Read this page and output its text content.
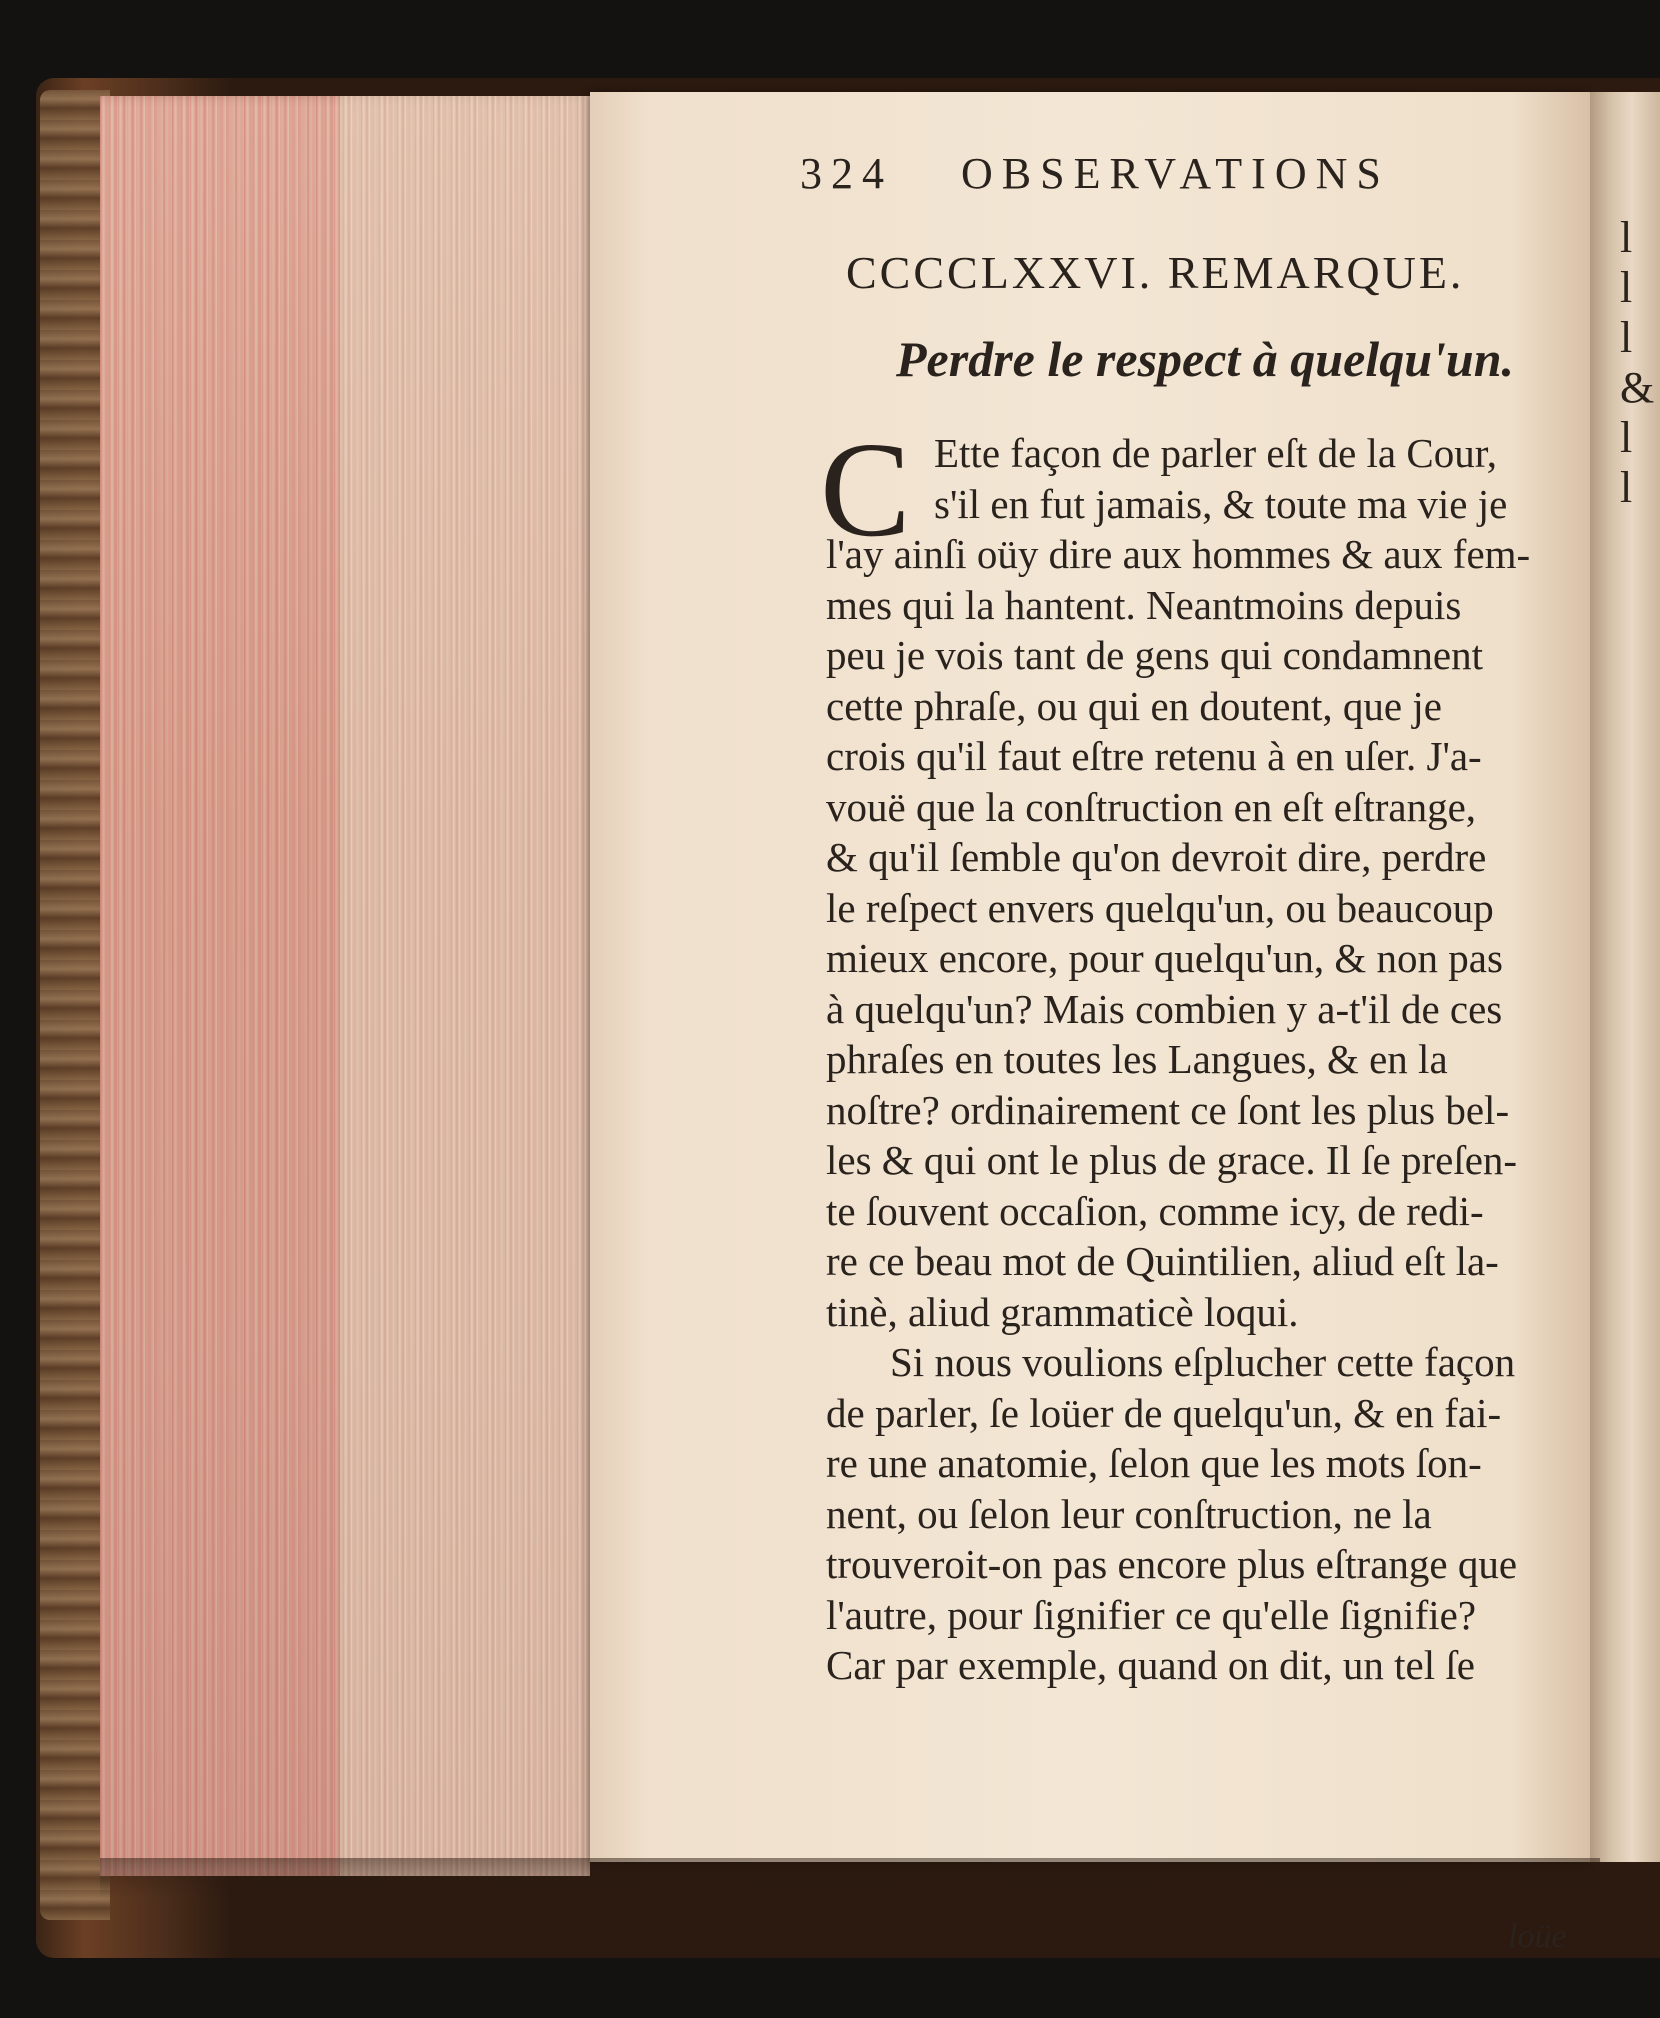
l
l
l
&
l
l
324 OBSERVATIONS
CCCCLXXVI. REMARQUE.
Perdre le respect à quelqu'un.
C Ette façon de parler eſt de la Cour,
s'il en fut jamais, & toute ma vie je
l'ay ainſi oüy dire aux hommes & aux fem-
mes qui la hantent. Neantmoins depuis
peu je vois tant de gens qui condamnent
cette phraſe, ou qui en doutent, que je
crois qu'il faut eſtre retenu à en uſer. J'a-
vouë que la conſtruction en eſt eſtrange,
& qu'il ſemble qu'on devroit dire, perdre
le reſpect envers quelqu'un, ou beaucoup
mieux encore, pour quelqu'un, & non pas
à quelqu'un? Mais combien y a-t'il de ces
phraſes en toutes les Langues, & en la
noſtre? ordinairement ce ſont les plus bel-
les & qui ont le plus de grace. Il ſe preſen-
te ſouvent occaſion, comme icy, de redi-
re ce beau mot de Quintilien, aliud eſt la-
tinè, aliud grammaticè loqui.
Si nous voulions eſplucher cette façon
de parler, ſe loüer de quelqu'un, & en fai-
re une anatomie, ſelon que les mots ſon-
nent, ou ſelon leur conſtruction, ne la
trouveroit-on pas encore plus eſtrange que
l'autre, pour ſignifier ce qu'elle ſignifie?
Car par exemple, quand on dit, un tel ſe
loüe
